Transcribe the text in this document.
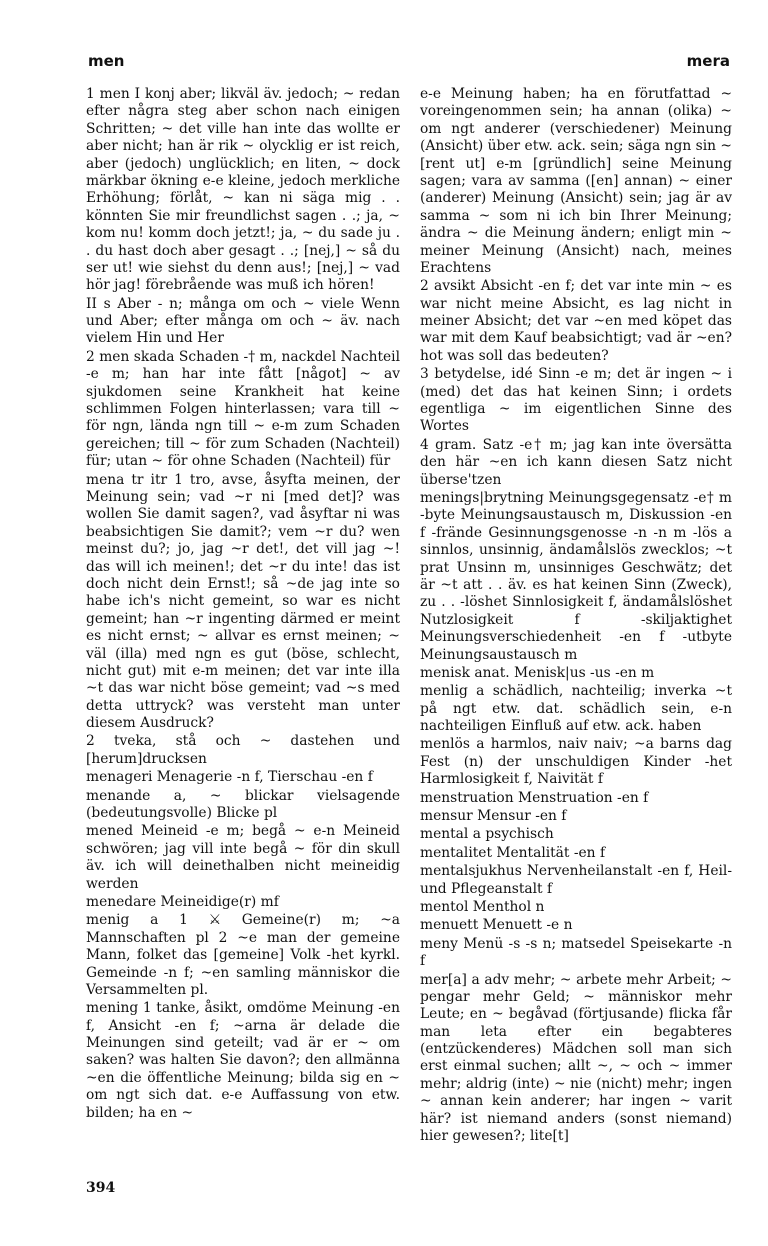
men	mera

1 men I konj aber; likväl äv. jedoch; ~ redan efter några steg aber schon nach einigen Schritten; ~ det ville han inte das wollte er aber nicht; han är rik ~ olycklig er ist reich, aber (jedoch) unglücklich; en liten, ~ dock märkbar ökning e-e kleine, jedoch merkliche Erhöhung; förlåt, ~ kan ni säga mig . . könnten Sie mir freundlichst sagen . .; ja, ~ kom nu! komm doch jetzt!; ja, ~ du sade ju . . du hast doch aber gesagt . .; [nej,] ~ så du ser ut! wie siehst du denn aus!; [nej,] ~ vad hör jag! förebrående was muß ich hören!

II s Aber - n; många om och ~ viele Wenn und Aber; efter många om och ~ äv. nach vielem Hin und Her

2 men skada Schaden -† m, nackdel Nachteil -e m; han har inte fått [något] ~ av sjukdomen seine Krankheit hat keine schlimmen Folgen hinterlassen; vara till ~ för ngn, lända ngn till ~ e-m zum Schaden gereichen; till ~ för zum Schaden (Nachteil) für; utan ~ för ohne Schaden (Nachteil) für

mena tr itr 1 tro, avse, åsyfta meinen, der Meinung sein; vad ~r ni [med det]? was wollen Sie damit sagen?, vad åsyftar ni was beabsichtigen Sie damit?; vem ~r du? wen meinst du?; jo, jag ~r det!, det vill jag ~! das will ich meinen!; det ~r du inte! das ist doch nicht dein Ernst!; så ~de jag inte so habe ich's nicht gemeint, so war es nicht gemeint; han ~r ingenting därmed er meint es nicht ernst; ~ allvar es ernst meinen; ~ väl (illa) med ngn es gut (böse, schlecht, nicht gut) mit e-m meinen; det var inte illa ~t das war nicht böse gemeint; vad ~s med detta uttryck? was versteht man unter diesem Ausdruck?

2 tveka, stå och ~ dastehen und [herum]drucksen

menageri Menagerie -n f, Tierschau -en f

menande a, ~ blickar vielsagende (bedeutungsvolle) Blicke pl

mened Meineid -e m; begå ~ e-n Meineid schwören; jag vill inte begå ~ för din skull äv. ich will deinethalben nicht meineidig werden

menedare Meineidige(r) mf

menig a 1 ⚔ Gemeine(r) m; ~a Mannschaften pl 2 ~e man der gemeine Mann, folket das [gemeine] Volk -het kyrkl. Gemeinde -n f; ~en samling människor die Versammelten pl.

mening 1 tanke, åsikt, omdöme Meinung -en f, Ansicht -en f; ~arna är delade die Meinungen sind geteilt; vad är er ~ om saken? was halten Sie davon?; den allmänna ~en die öffentliche Meinung; bilda sig en ~ om ngt sich dat. e-e Auffassung von etw. bilden; ha en ~

e-e Meinung haben; ha en förutfattad ~ voreingenommen sein; ha annan (olika) ~ om ngt anderer (verschiedener) Meinung (Ansicht) über etw. ack. sein; säga ngn sin ~ [rent ut] e-m [gründlich] seine Meinung sagen; vara av samma ([en] annan) ~ einer (anderer) Meinung (Ansicht) sein; jag är av samma ~ som ni ich bin Ihrer Meinung; ändra ~ die Meinung ändern; enligt min ~ meiner Meinung (Ansicht) nach, meines Erachtens

2 avsikt Absicht -en f; det var inte min ~ es war nicht meine Absicht, es lag nicht in meiner Absicht; det var ~en med köpet das war mit dem Kauf beabsichtigt; vad är ~en? hot was soll das bedeuten?

3 betydelse, idé Sinn -e m; det är ingen ~ i (med) det das hat keinen Sinn; i ordets egentliga ~ im eigentlichen Sinne des Wortes

4 gram. Satz -e† m; jag kan inte översätta den här ~en ich kann diesen Satz nicht überse'tzen

menings|brytning Meinungsgegensatz -e† m -byte Meinungsaustausch m, Diskussion -en f -frände Gesinnungsgenosse -n -n m -lös a sinnlos, unsinnig, ändamålslös zwecklos; ~t prat Unsinn m, unsinniges Geschwätz; det är ~t att . . äv. es hat keinen Sinn (Zweck), zu . . -löshet Sinnlosigkeit f, ändamålslöshet Nutzlosigkeit f -skiljaktighet Meinungsverschiedenheit -en f -utbyte Meinungsaustausch m

menisk anat. Menisk|us -us -en m

menlig a schädlich, nachteilig; inverka ~t på ngt etw. dat. schädlich sein, e-n nachteiligen Einfluß auf etw. ack. haben

menlös a harmlos, naiv naiv; ~a barns dag Fest (n) der unschuldigen Kinder -het Harmlosigkeit f, Naivität f

menstruation Menstruation -en f

mensur Mensur -en f

mental a psychisch

mentalitet Mentalität -en f

mentalsjukhus Nervenheilanstalt -en f, Heil- und Pflegeanstalt f

mentol Menthol n

menuett Menuett -e n

meny Menü -s -s n; matsedel Speisekarte -n f

mer[a] a adv mehr; ~ arbete mehr Arbeit; ~ pengar mehr Geld; ~ människor mehr Leute; en ~ begåvad (förtjusande) flicka får man leta efter ein begabteres (entzückenderes) Mädchen soll man sich erst einmal suchen; allt ~, ~ och ~ immer mehr; aldrig (inte) ~ nie (nicht) mehr; ingen ~ annan kein anderer; har ingen ~ varit här? ist niemand anders (sonst niemand) hier gewesen?; lite[t]

394
